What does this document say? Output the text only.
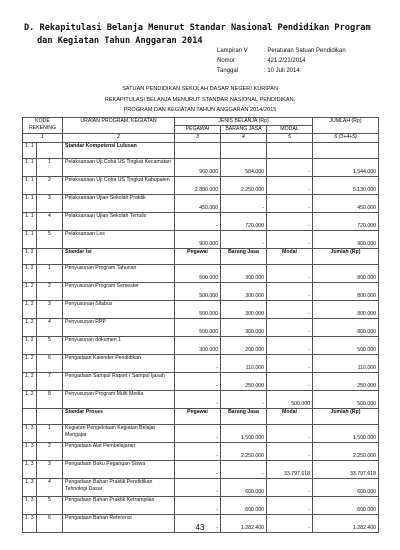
D. Rekapitulasi Belanja Menurut Standar Nasional Pendidikan Program
dan Kegiatan Tahun Anggaran 2014
Lampiran V	: Peraturan Satuan Pendidikan
Nomor	: 421.2/21/2014
Tanggal	: 10 Juli 2014
SATUAN PENDIDIKAN SEKOLAH DASAR NEGERI KURIPAN
REKAPITULASI BELANJA MENURUT STANDAR NASIONAL PENDIDIKAN,
PROGRAM DAN KEGIATAN TAHUN ANGGARAN 2014/2015
KODE REKENING		URAIAN PROGRAM, KEGIATAN	JENIS BELANJA (Rp)			JUMLAH (Rp)
			PEGAWAI	BARANG JASA	MODAL	
1		2	3	4	5	6 (3+4+5)
1. 1		Standar Kompetensi Lulusan				
1. 1	1	Pelaksanaan Uji Coba US Tingkat Kecamatan	960.000	584.000	-	1.544.000
1. 1	2	Pelaksanaan Uji Coba US Tingkat Kabupaten	2.880.000	2.250.000	-	5.130.000
1. 1	3	Pelaksanaan Ujian Sekolah Praktik	450.000	-	-	450.000
1. 1	4	Pelaksanaan Ujian Sekolah Tertulis	-	720.000	-	720.000
1. 1	5	Pelaksanaan Les	900.000	-	-	900.000
1. 2		Standar Isi	Pegawai	Barang Jasa	Modal	Jumlah (Rp)
1. 2	1	Penyusunan Program Tahunan	500.000	300.000	-	800.000
1. 2	2	Penyusunan Program Semester	500.000	300.000	-	800.000
1. 2	3	Penyusunan Silabus	500.000	300.000	-	800.000
1. 2	4	Penyusunan RPP	500.000	300.000	-	800.000
1. 2	5	Penyusunan dokumen 1	300.000	200.000	-	500.000
1. 2	6	Pengadaan Kalender Pendidikan	-	110.000	-	110.000
1. 2	7	Pengadaan Sampul Raport / Sampul Ijasah	-	250.000	-	250.000
1. 2	8	Penyusunan Program Multi Media	-	-	500.000	500.000
		Standar Proses	Pegawai	Barang Jasa	Modal	Jumlah (Rp)
1. 3	1	Kegiatan Pengelolaan Kegiatan Belajar Mengajar	-	1.500.000	-	1.500.000
1. 3	2	Pengadaan Alat Pembelajaran	-	2.250.000	-	2.250.000
1. 3	3	Pengadaan Buku Pegangan Siswa	-	-	33.797.618	33.797.618
1. 3	4	Pengadaan Bahan Praktik Pendidikan Tehnologi Dasar	-	600.000	-	600.000
1. 3	5	Pengadaan Bahan Praktik Ketrampilan	-	600.000	-	600.000
1. 3	6	Pengadaan Bahan Referensi	-	1.282.400	-	1.282.400
43
